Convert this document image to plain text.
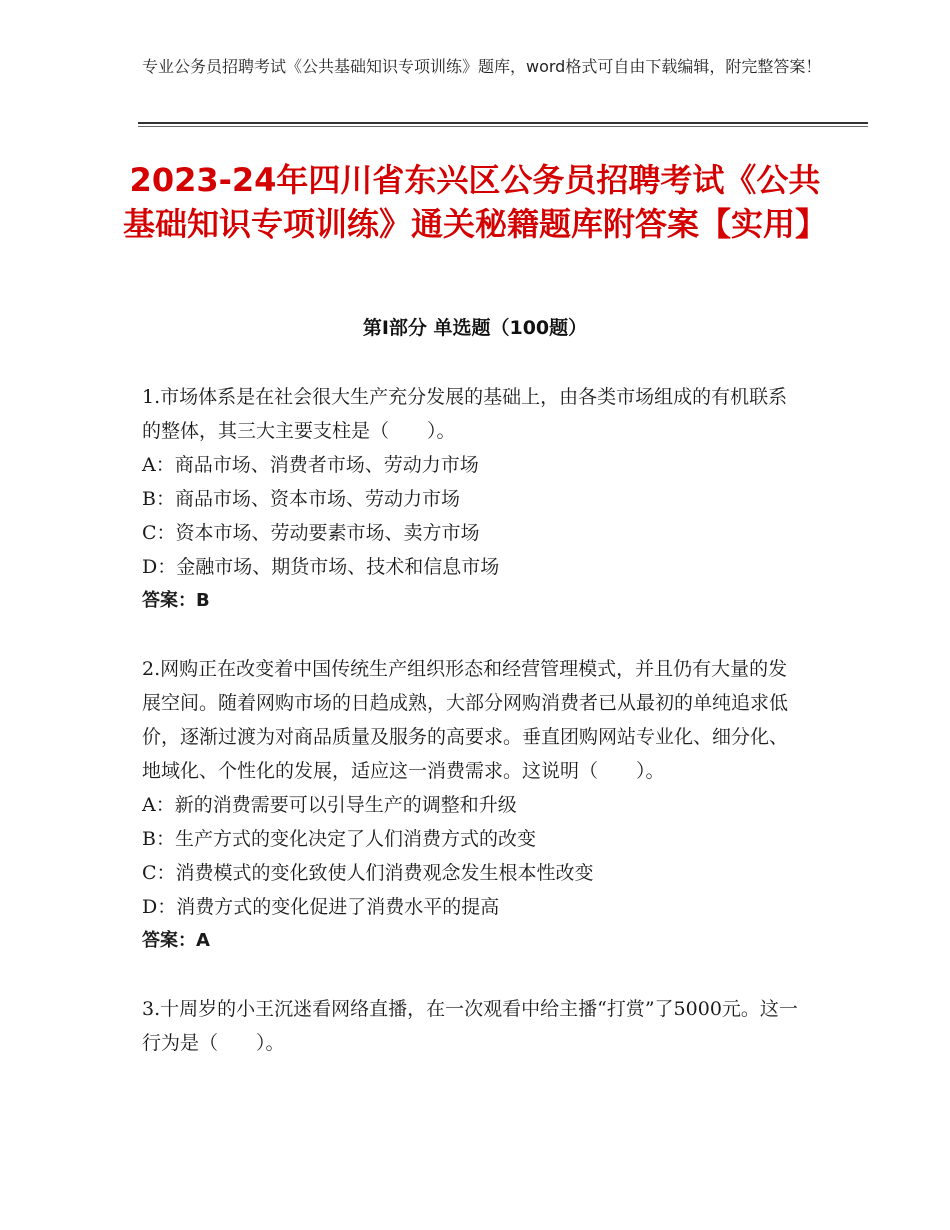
专业公务员招聘考试《公共基础知识专项训练》题库，word格式可自由下载编辑，附完整答案！
2023-24年四川省东兴区公务员招聘考试《公共基础知识专项训练》通关秘籍题库附答案【实用】
第Ⅰ部分 单选题（100题）

1.市场体系是在社会很大生产充分发展的基础上，由各类市场组成的有机联系的整体，其三大主要支柱是（　　）。

A：商品市场、消费者市场、劳动力市场

B：商品市场、资本市场、劳动力市场

C：资本市场、劳动要素市场、卖方市场

D：金融市场、期货市场、技术和信息市场

答案：B

2.网购正在改变着中国传统生产组织形态和经营管理模式，并且仍有大量的发展空间。随着网购市场的日趋成熟，大部分网购消费者已从最初的单纯追求低价，逐渐过渡为对商品质量及服务的高要求。垂直团购网站专业化、细分化、地域化、个性化的发展，适应这一消费需求。这说明（　　）。

A：新的消费需要可以引导生产的调整和升级

B：生产方式的变化决定了人们消费方式的改变

C：消费模式的变化致使人们消费观念发生根本性改变

D：消费方式的变化促进了消费水平的提高

答案：A

3.十周岁的小王沉迷看网络直播，在一次观看中给主播“打赏”了5000元。这一行为是（　　）。
